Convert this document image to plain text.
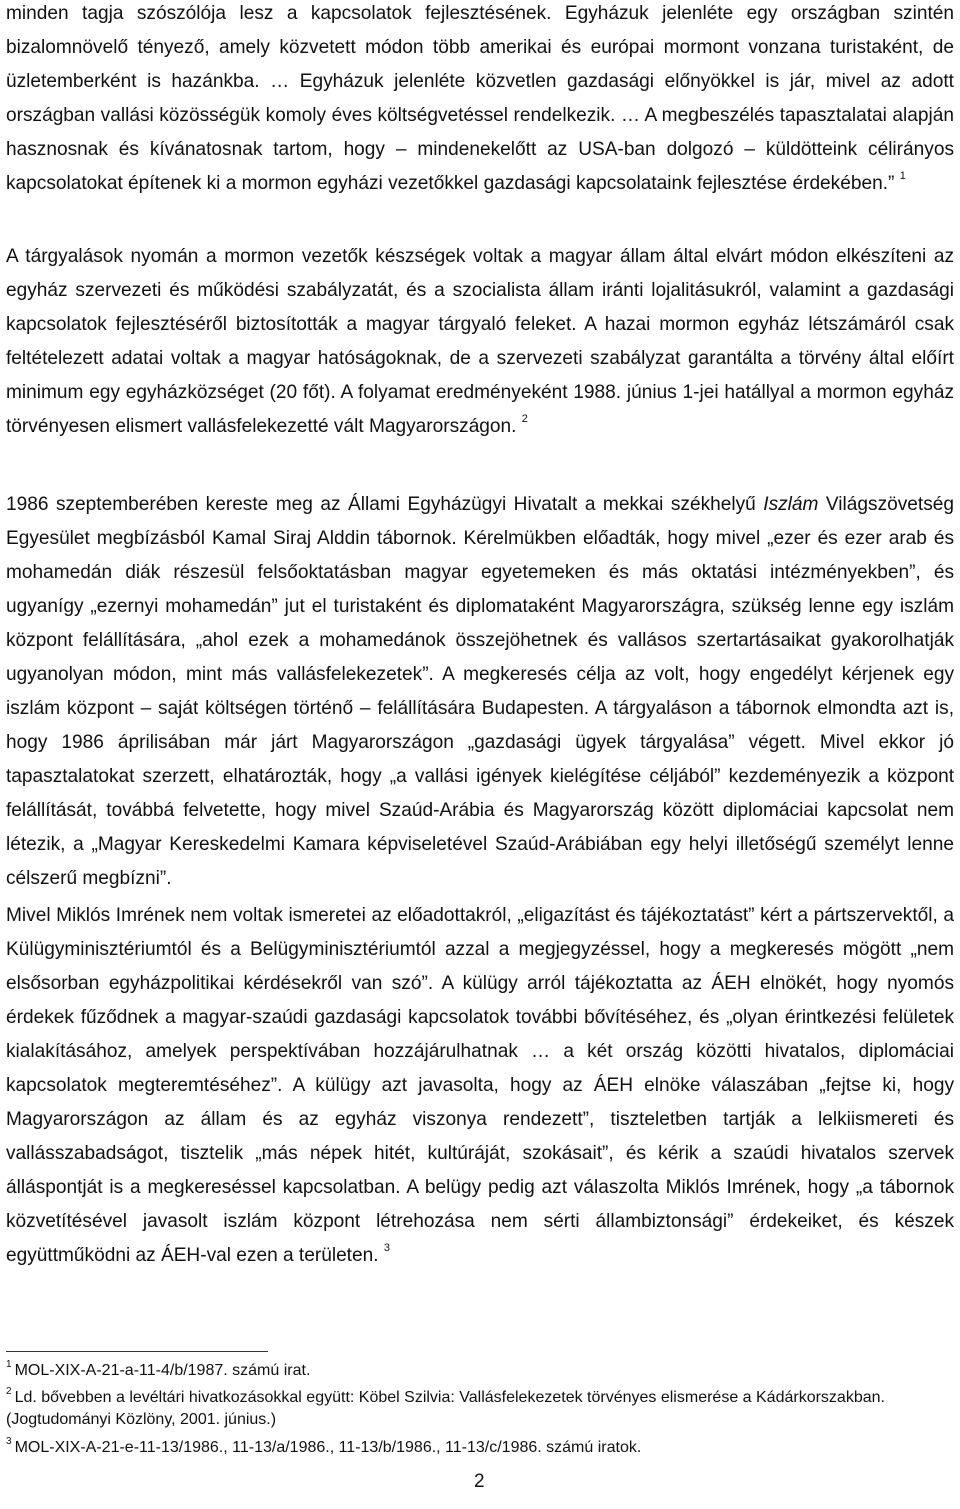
minden tagja szószólója lesz a kapcsolatok fejlesztésének. Egyházuk jelenléte egy országban szintén bizalomnövelő tényező, amely közvetett módon több amerikai és európai mormont vonzana turistaként, de üzletemberként is hazánkba. … Egyházuk jelenléte közvetlen gazdasági előnyökkel is jár, mivel az adott országban vallási közösségük komoly éves költségvetéssel rendelkezik. … A megbeszélés tapasztalatai alapján hasznosnak és kívánatosnak tartom, hogy – mindenekelőtt az USA-ban dolgozó – küldötteink célirányos kapcsolatokat építenek ki a mormon egyházi vezetőkkel gazdasági kapcsolataink fejlesztése érdekében.” $^1$

A tárgyalások nyomán a mormon vezetők készségek voltak a magyar állam által elvárt módon elkészíteni az egyház szervezeti és működési szabályzatát, és a szocialista állam iránti lojalitásukról, valamint a gazdasági kapcsolatok fejlesztéséről biztosították a magyar tárgyaló feleket. A hazai mormon egyház létszámáról csak feltételezett adatai voltak a magyar hatóságoknak, de a szervezeti szabályzat garantálta a törvény által előírt minimum egy egyházközséget (20 főt). A folyamat eredményeként 1988. június 1-jei hatállyal a mormon egyház törvényesen elismert vallásfelekezetté vált Magyarországon. $^2$

1986 szeptemberében kereste meg az Állami Egyházügyi Hivatalt a mekkai székhelyű Iszlám Világszövetség Egyesület megbízásból Kamal Siraj Alddin tábornok. Kérelmükben előadták, hogy mivel „ezer és ezer arab és mohamedán diák részesül felsőoktatásban magyar egyetemeken és más oktatási intézményekben”, és ugyanígy „ezernyi mohamedán” jut el turistaként és diplomataként Magyarországra, szükség lenne egy iszlám központ felállítására, „ahol ezek a mohamedánok összejöhetnek és vallásos szertartásaikat gyakorolhatják ugyanolyan módon, mint más vallásfelekezetek”. A megkeresés célja az volt, hogy engedélyt kérjenek egy iszlám központ – saját költségen történő – felállítására Budapesten. A tárgyaláson a tábornok elmondta azt is, hogy 1986 áprilisában már járt Magyarországon „gazdasági ügyek tárgyalása” végett. Mivel ekkor jó tapasztalatokat szerzett, elhatározták, hogy „a vallási igények kielégítése céljából” kezdeményezik a központ felállítását, továbbá felvetette, hogy mivel Szaúd-Arábia és Magyarország között diplomáciai kapcsolat nem létezik, a „Magyar Kereskedelmi Kamara képviseletével Szaúd-Arábiában egy helyi illetőségű személyt lenne célszerű megbízni”.

Mivel Miklós Imrének nem voltak ismeretei az előadottakról, „eligazítást és tájékoztatást” kért a pártszervektől, a Külügyminisztériumtól és a Belügyminisztériumtól azzal a megjegyzéssel, hogy a megkeresés mögött „nem elsősorban egyházpolitikai kérdésekről van szó”. A külügy arról tájékoztatta az ÁEH elnökét, hogy nyomós érdekek fűződnek a magyar-szaúdi gazdasági kapcsolatok további bővítéséhez, és „olyan érintkezési felületek kialakításához, amelyek perspektívában hozzájárulhatnak … a két ország közötti hivatalos, diplomáciai kapcsolatok megteremtéséhez”. A külügy azt javasolta, hogy az ÁEH elnöke válaszában „fejtse ki, hogy Magyarországon az állam és az egyház viszonya rendezett”, tiszteletben tartják a lelkiismereti és vallásszabadságot, tisztelik „más népek hitét, kultúráját, szokásait”, és kérik a szaúdi hivatalos szervek álláspontját is a megkereséssel kapcsolatban. A belügy pedig azt válaszolta Miklós Imrének, hogy „a tábornok közvetítésével javasolt iszlám központ létrehozása nem sérti állambiztonsági” érdekeiket, és készek együttműködni az ÁEH-val ezen a területen. $^3$

$^1$ MOL-XIX-A-21-a-11-4/b/1987. számú irat.

$^2$ Ld. bővebben a levéltári hivatkozásokkal együtt: Köbel Szilvia: Vallásfelekezetek törvényes elismerése a Kádárkorszakban. (Jogtudományi Közlöny, 2001. június.)

$^3$ MOL-XIX-A-21-e-11-13/1986., 11-13/a/1986., 11-13/b/1986., 11-13/c/1986. számú iratok.

2
